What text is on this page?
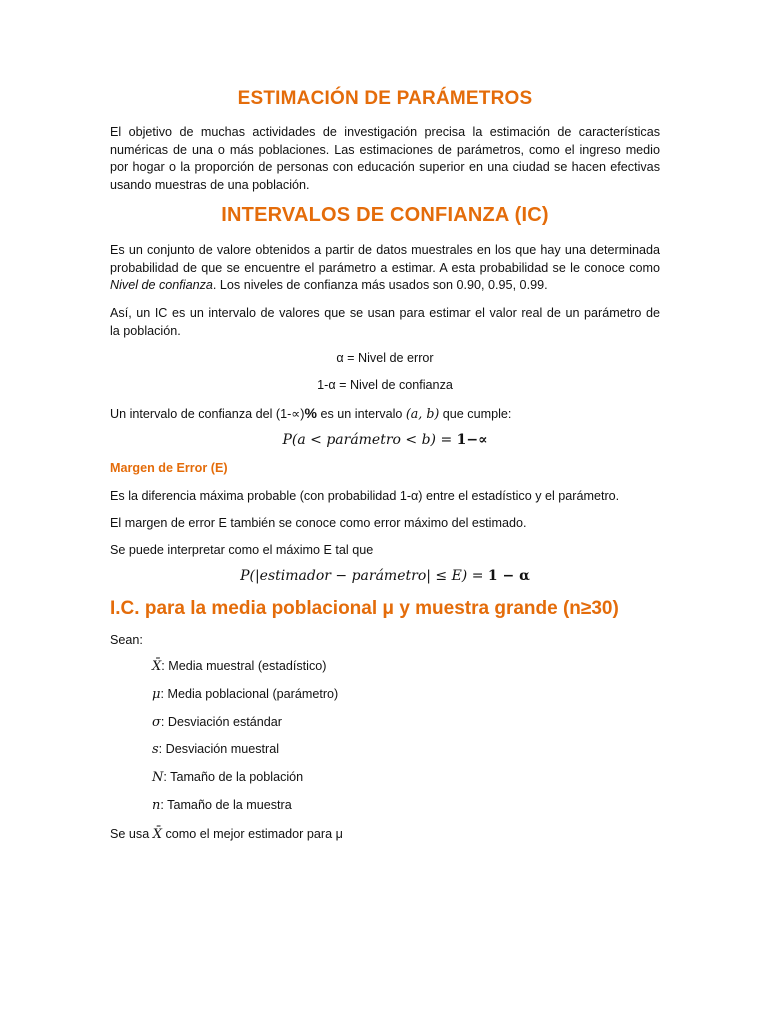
ESTIMACIÓN DE PARÁMETROS
El objetivo de muchas actividades de investigación precisa la estimación de características
numéricas de una o más poblaciones. Las estimaciones de parámetros, como el ingreso medio
por hogar o la proporción de personas con educación superior en una ciudad se hacen efectivas
usando muestras de una población.
INTERVALOS DE CONFIANZA (IC)
Es un conjunto de valore obtenidos a partir de datos muestrales en los que hay una determinada
probabilidad de que se encuentre el parámetro a estimar. A esta probabilidad se le conoce como
Nivel de confianza. Los niveles de confianza más usados son 0.90, 0.95, 0.99.
Así, un IC es un intervalo de valores que se usan para estimar el valor real de un parámetro de
la población.
α = Nivel de error
1-α = Nivel de confianza
Un intervalo de confianza del (1-∝)% es un intervalo (a, b) que cumple:
P(a < parámetro < b) = 1−∝
Margen de Error (E)
Es la diferencia máxima probable (con probabilidad 1-α) entre el estadístico y el parámetro.
El margen de error E también se conoce como error máximo del estimado.
Se puede interpretar como el máximo E tal que
P(|estimador − parámetro| ≤ E) = 1 − α
I.C. para la media poblacional μ y muestra grande (n≥30)
Sean:
X̄: Media muestral (estadístico)
μ: Media poblacional (parámetro)
σ: Desviación estándar
s: Desviación muestral
N: Tamaño de la población
n: Tamaño de la muestra
Se usa X̄ como el mejor estimador para μ
